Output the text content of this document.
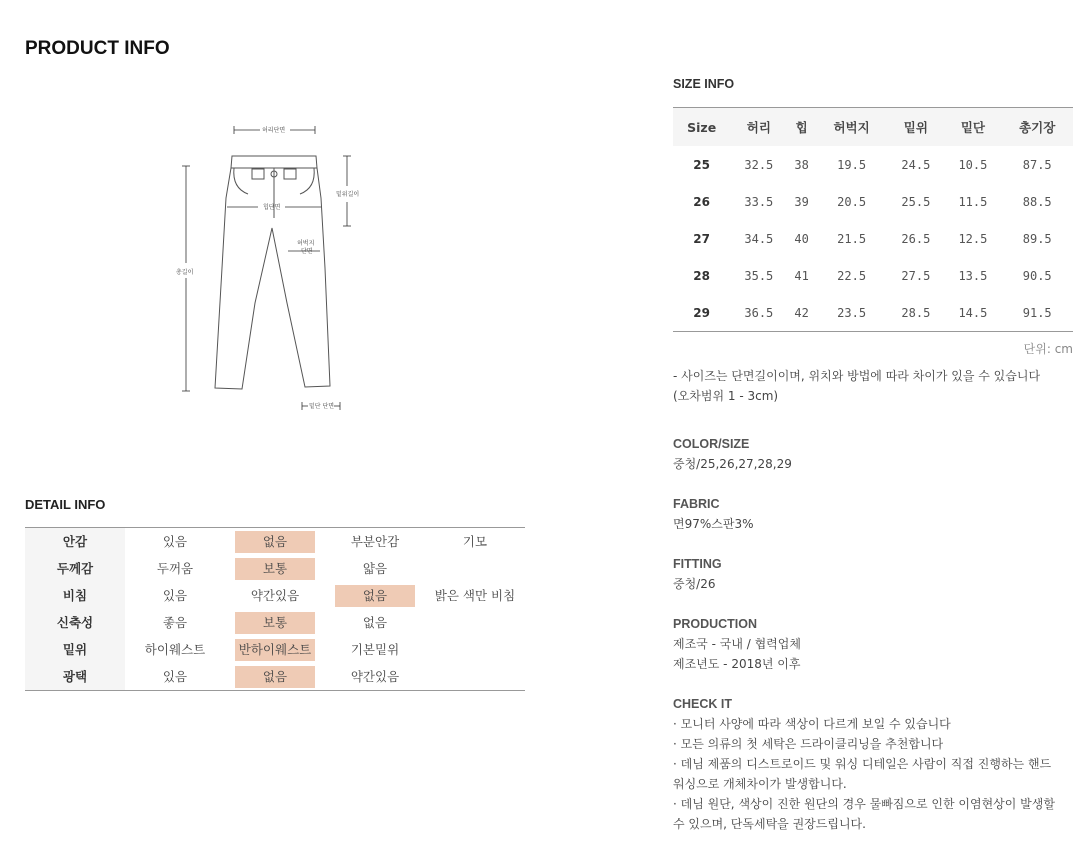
PRODUCT INFO
허리단면
밑위길이
힙단면
허벅지
단면
총길이
밑단 단면
DETAIL INFO
안감	있음	없음	부분안감	기모
두께감	두꺼움	보통	얇음
비침	있음	약간있음	없음	밝은 색만 비침
신축성	좋음	보통	없음
밑위	하이웨스트	반하이웨스트	기본밑위
광택	있음	없음	약간있음
SIZE INFO
Size	허리	힙	허벅지	밑위	밑단	총기장
25	32.5	38	19.5	24.5	10.5	87.5
26	33.5	39	20.5	25.5	11.5	88.5
27	34.5	40	21.5	26.5	12.5	89.5
28	35.5	41	22.5	27.5	13.5	90.5
29	36.5	42	23.5	28.5	14.5	91.5
단위: cm
- 사이즈는 단면길이이며, 위치와 방법에 따라 차이가 있을 수 있습니다
(오차범위 1 - 3cm)
COLOR/SIZE
중청/25,26,27,28,29
FABRIC
면97%스판3%
FITTING
중청/26
PRODUCTION
제조국 - 국내 / 협력업체
제조년도 - 2018년 이후
CHECK IT
· 모니터 사양에 따라 색상이 다르게 보일 수 있습니다
· 모든 의류의 첫 세탁은 드라이클리닝을 추천합니다
· 데님 제품의 디스트로이드 및 워싱 디테일은 사람이 직접 진행하는 핸드
워싱으로 개체차이가 발생합니다.
· 데님 원단, 색상이 진한 원단의 경우 물빠짐으로 인한 이염현상이 발생할
수 있으며, 단독세탁을 권장드립니다.
